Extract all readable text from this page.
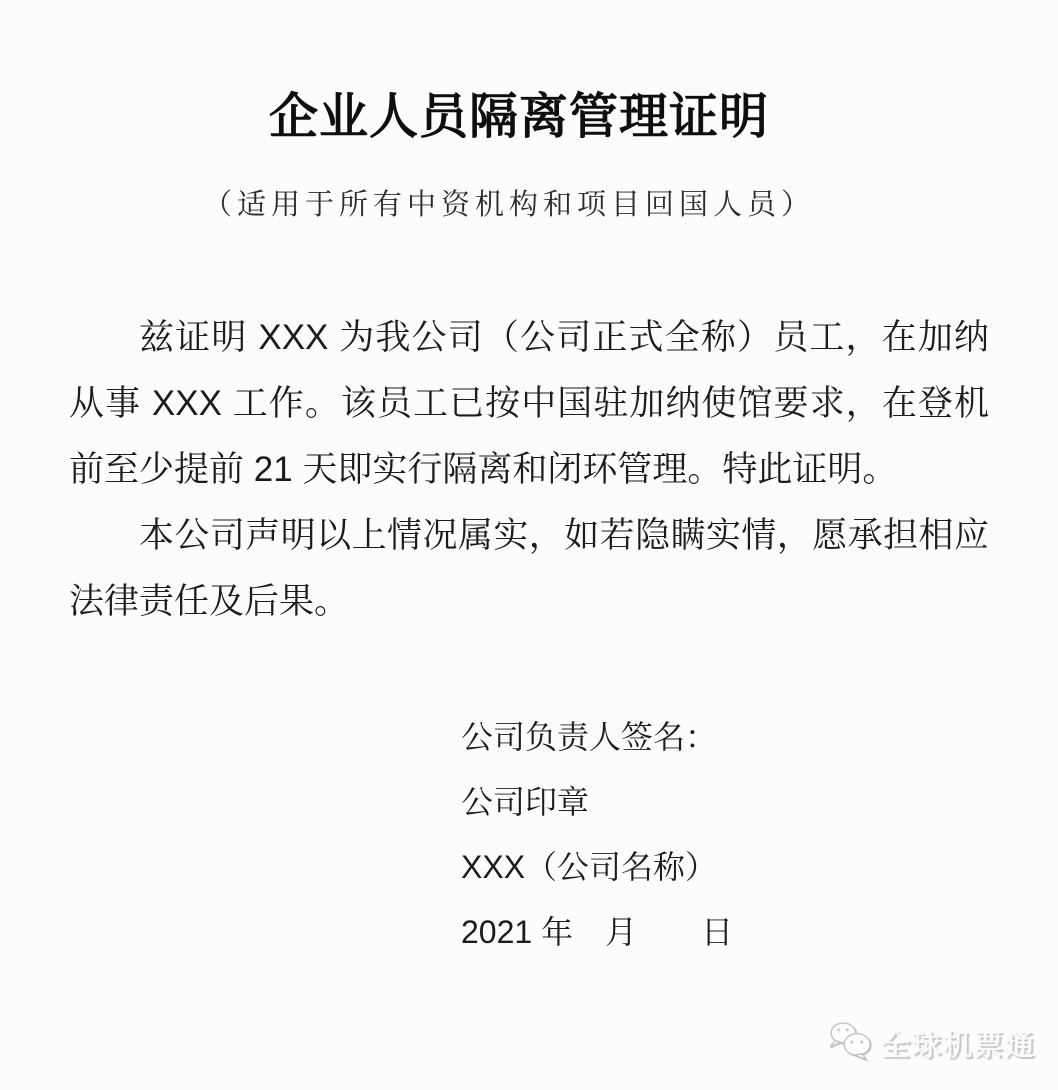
企业人员隔离管理证明
（适用于所有中资机构和项目回国人员）

兹证明 XXX 为我公司（公司正式全称）员工，在加纳从事 XXX 工作。该员工已按中国驻加纳使馆要求，在登机前至少提前 21 天即实行隔离和闭环管理。特此证明。

本公司声明以上情况属实，如若隐瞒实情，愿承担相应法律责任及后果。

公司负责人签名：
公司印章
XXX（公司名称）
2021 年　月　　日
全球机票通
